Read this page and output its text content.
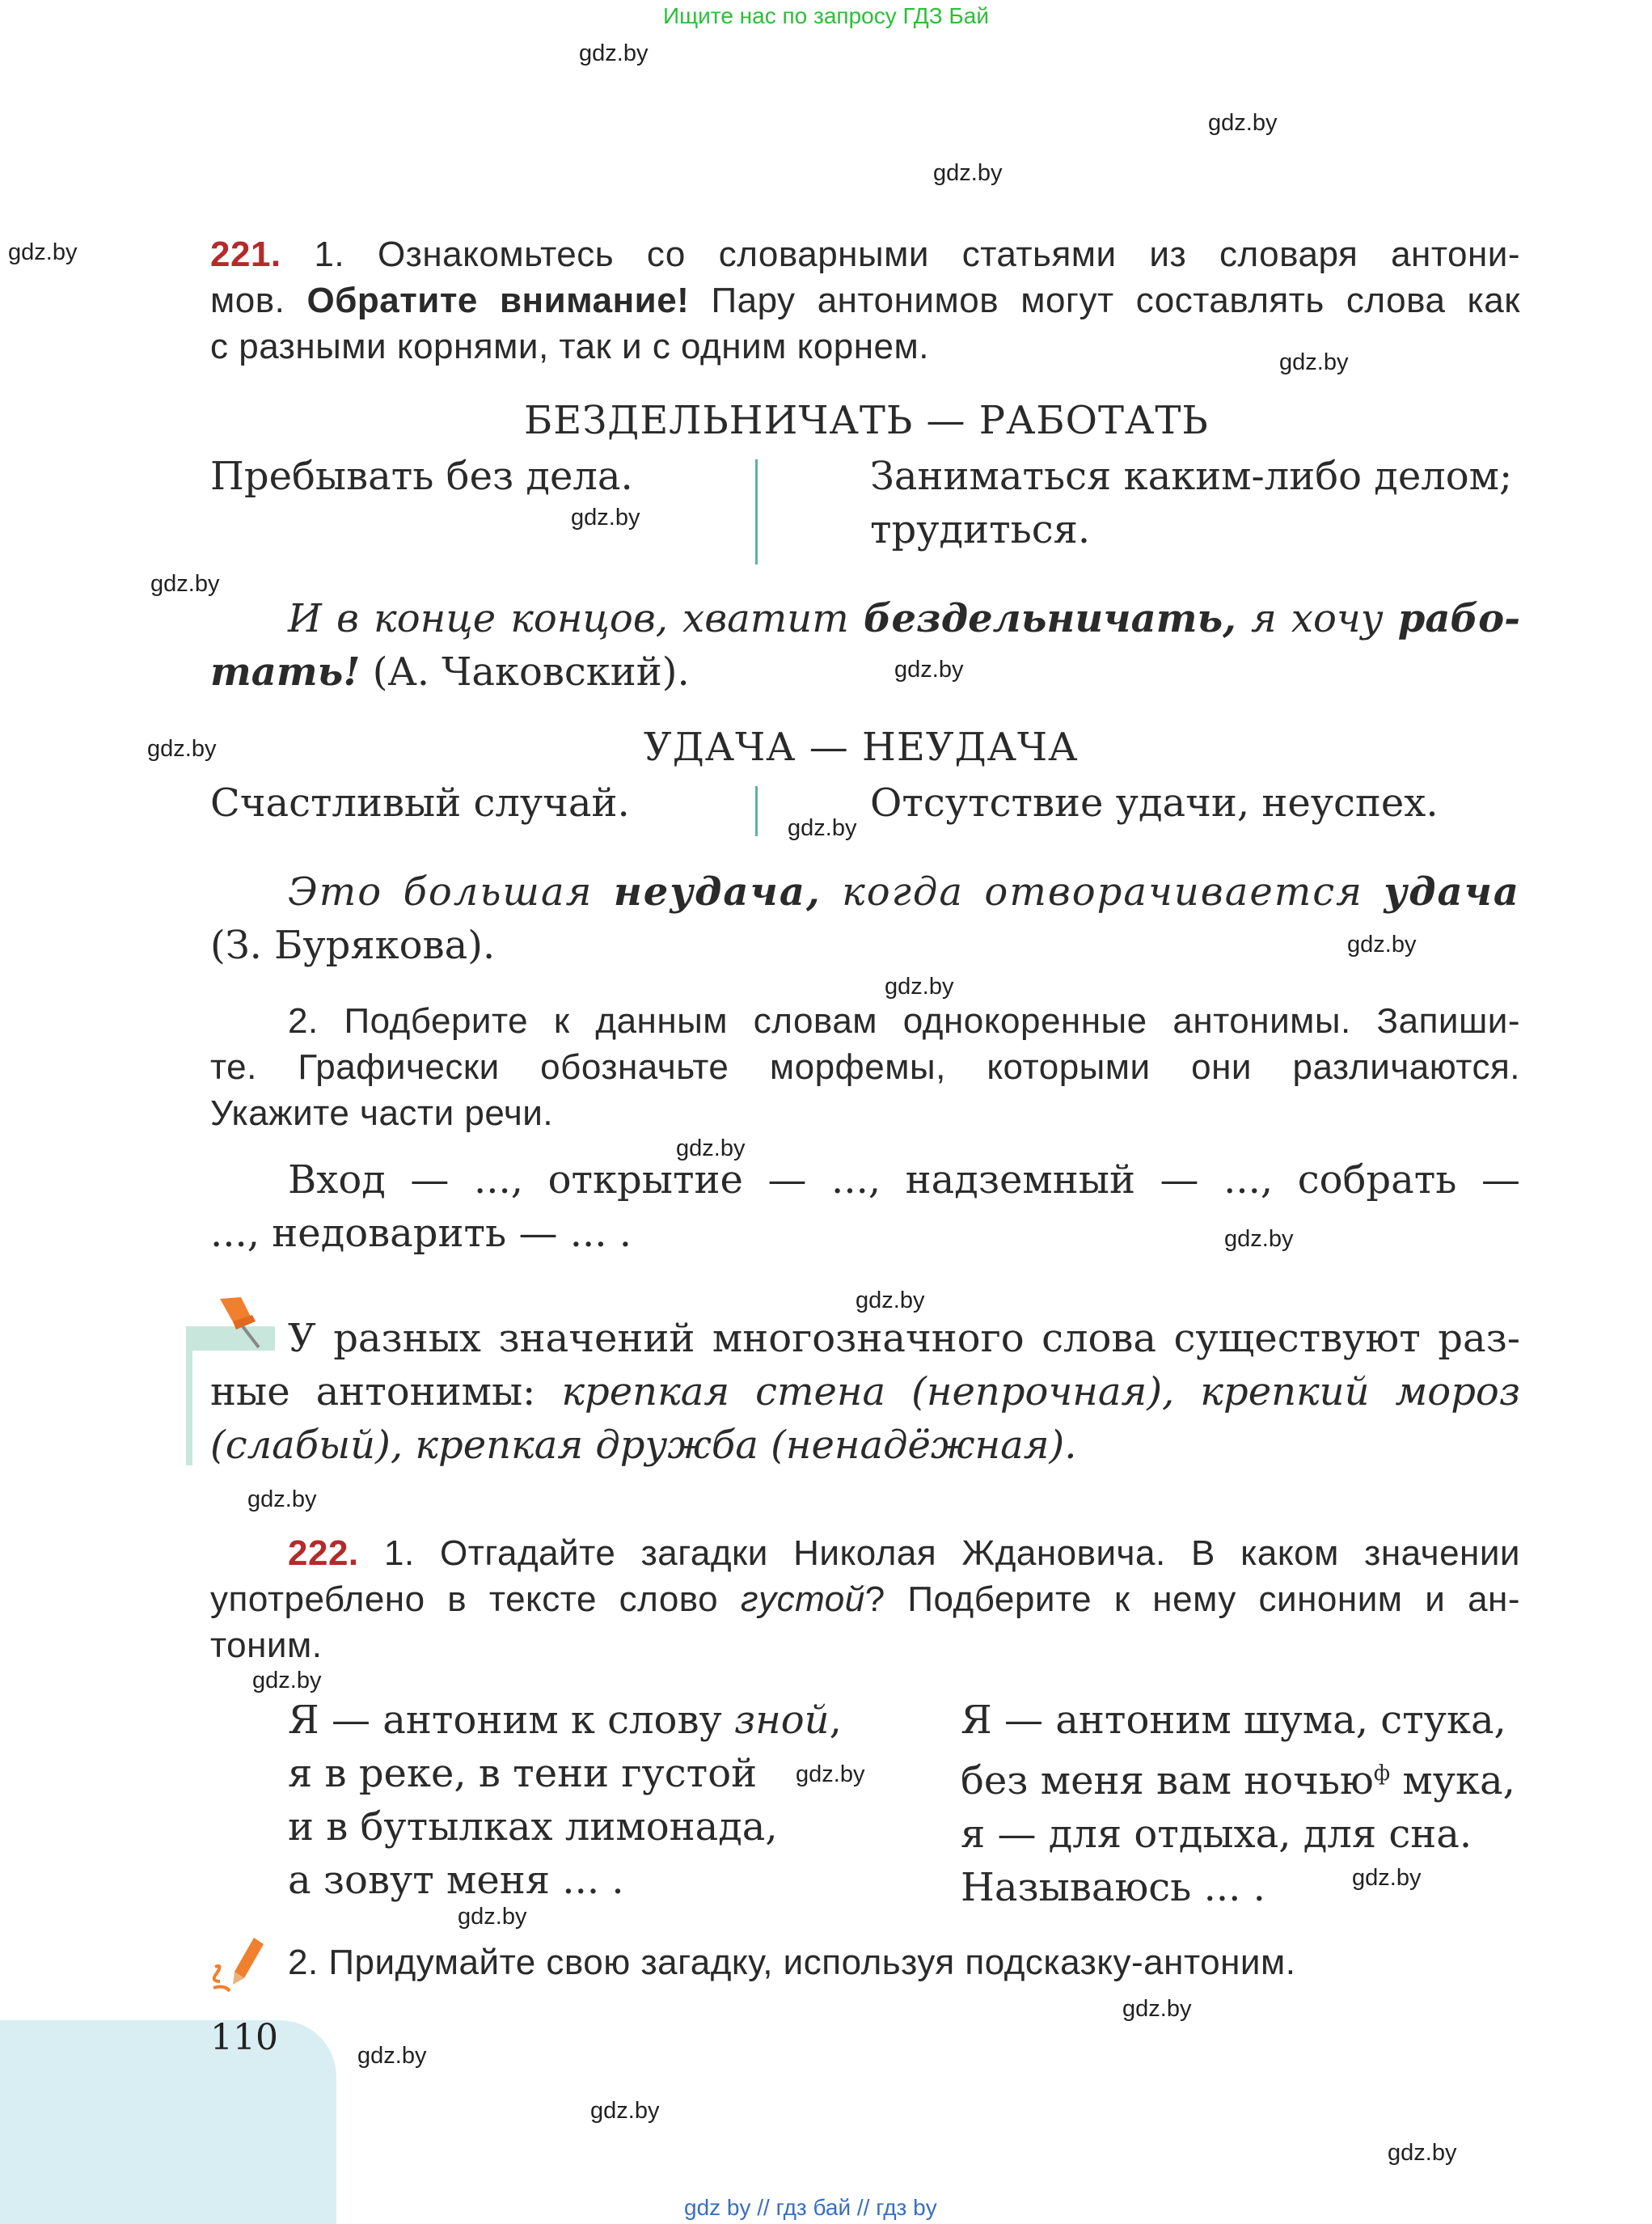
Ищите нас по запросу ГДЗ Бай
gdz.by
gdz.by
gdz.by
gdz.by
gdz.by
gdz.by
gdz.by
gdz.by
gdz.by
gdz.by
gdz.by
gdz.by
gdz.by
gdz.by
gdz.by
gdz.by
gdz.by
gdz.by
gdz.by
gdz.by
gdz.by
gdz.by
gdz.by
gdz.by
221. 1. Ознакомьтесь со словарными статьями из словаря антони-
мов. Обратите внимание! Пару антонимов могут составлять слова как
с разными корнями, так и с одним корнем.
БЕЗДЕЛЬНИЧАТЬ — РАБОТАТЬ
Пребывать без дела.	Заниматься каким-либо делом;
трудиться.
И в конце концов, хватит бездельничать, я хочу рабо-
тать! (А. Чаковский).
УДАЧА — НЕУДАЧА
Счастливый случай.	Отсутствие удачи, неуспех.
Это большая неудача, когда отворачивается удача
(З. Бурякова).
2. Подберите к данным словам однокоренные антонимы. Запиши-
те. Графически обозначьте морфемы, которыми они различаются.
Укажите части речи.
Вход — ..., открытие — ..., надземный — ..., собрать —
..., недоварить — ... .
У разных значений многозначного слова существуют раз-
ные антонимы: крепкая стена (непрочная), крепкий мороз
(слабый), крепкая дружба (ненадёжная).
222. 1. Отгадайте загадки Николая Ждановича. В каком значении
употреблено в тексте слово густой? Подберите к нему синоним и ан-
тоним.
Я — антоним к слову зной,
я в реке, в тени густой
и в бутылках лимонада,
а зовут меня ... .
Я — антоним шума, стука,
без меня вам ночью$^ф$ мука,
я — для отдыха, для сна.
Называюсь ... .
2. Придумайте свою загадку, используя подсказку-антоним.
110
gdz by // гдз бай // гдз by
